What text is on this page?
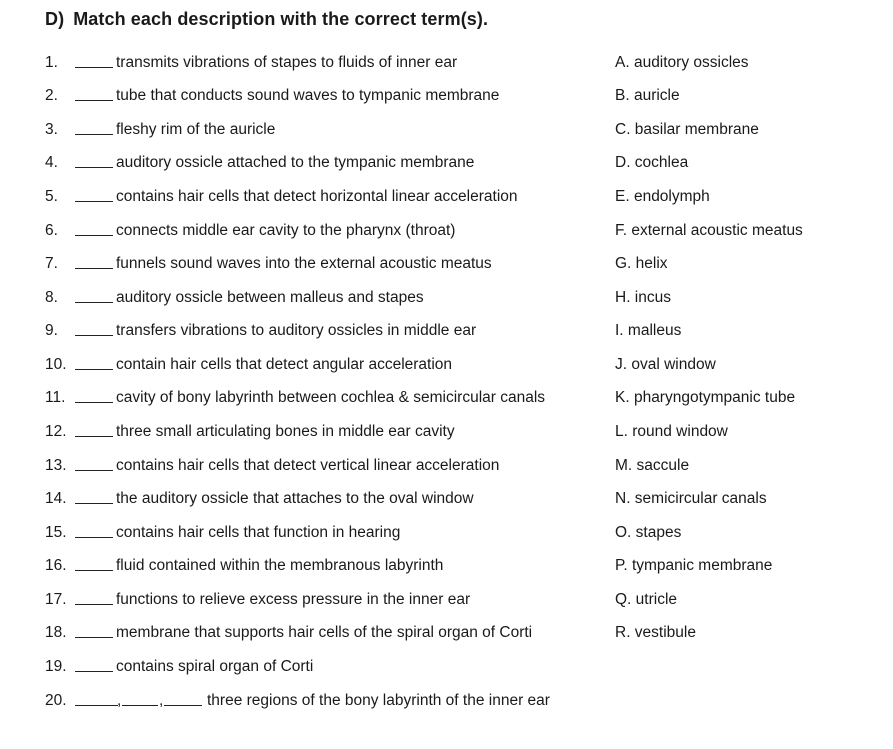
D) Match each description with the correct term(s).
1.	transmits vibrations of stapes to fluids of inner ear
2.	tube that conducts sound waves to tympanic membrane
3.	fleshy rim of the auricle
4.	auditory ossicle attached to the tympanic membrane
5.	contains hair cells that detect horizontal linear acceleration
6.	connects middle ear cavity to the pharynx (throat)
7.	funnels sound waves into the external acoustic meatus
8.	auditory ossicle between malleus and stapes
9.	transfers vibrations to auditory ossicles in middle ear
10.	contain hair cells that detect angular acceleration
11.	cavity of bony labyrinth between cochlea & semicircular canals
12.	three small articulating bones in middle ear cavity
13.	contains hair cells that detect vertical linear acceleration
14.	the auditory ossicle that attaches to the oval window
15.	contains hair cells that function in hearing
16.	fluid contained within the membranous labyrinth
17.	functions to relieve excess pressure in the inner ear
18.	membrane that supports hair cells of the spiral organ of Corti
19.	contains spiral organ of Corti
20.	, ,	three regions of the bony labyrinth of the inner ear
A. auditory ossicles
B. auricle
C. basilar membrane
D. cochlea
E. endolymph
F. external acoustic meatus
G. helix
H. incus
I. malleus
J. oval window
K. pharyngotympanic tube
L. round window
M. saccule
N. semicircular canals
O. stapes
P. tympanic membrane
Q. utricle
R. vestibule
